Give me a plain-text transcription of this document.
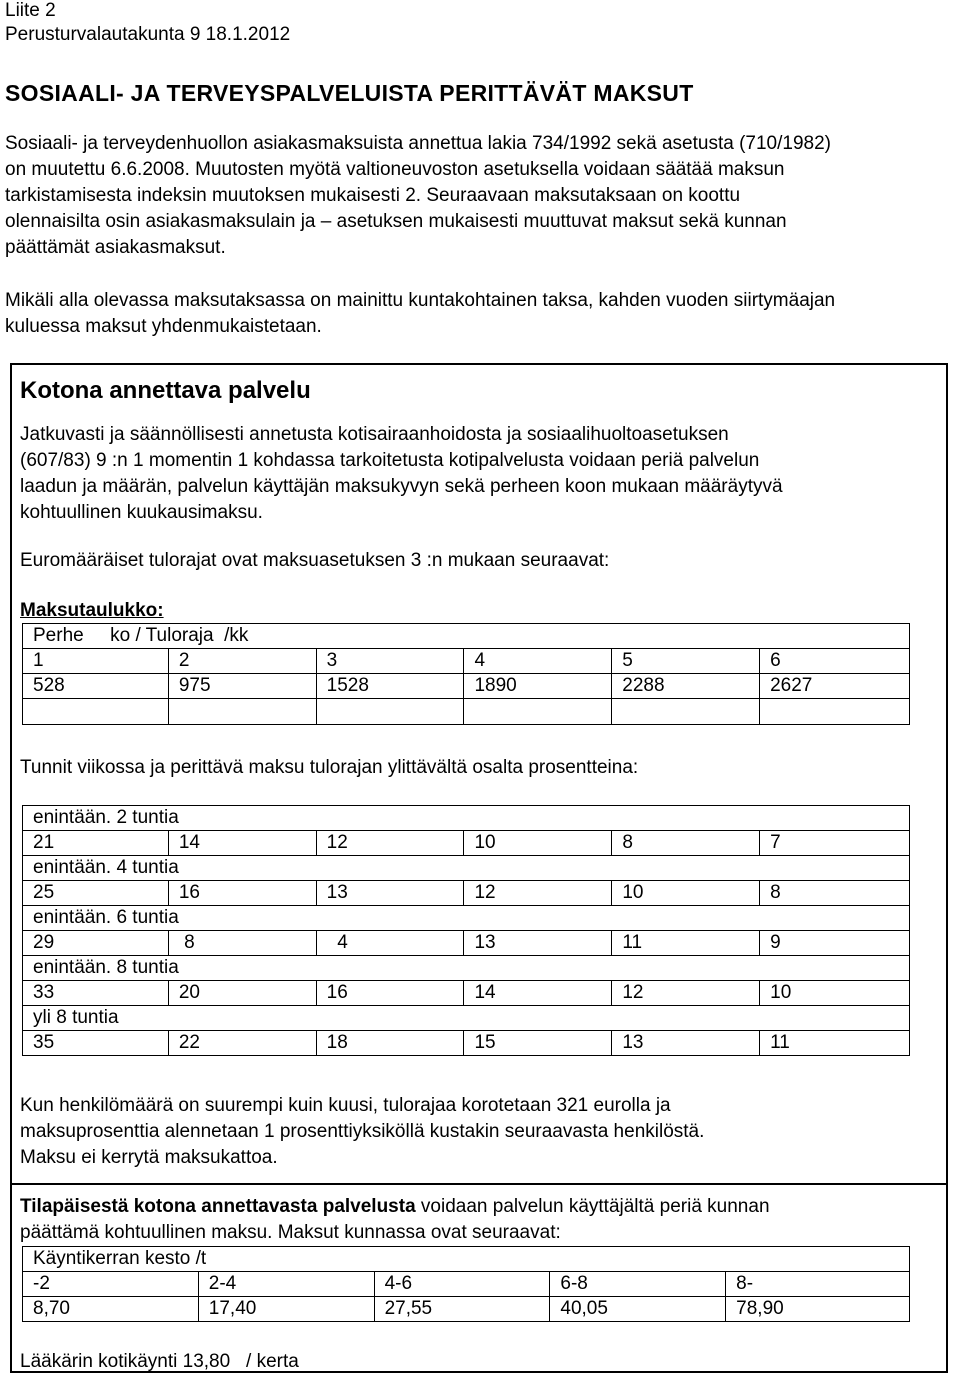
Liite 2
Perusturvalautakunta 9 18.1.2012
SOSIAALI- JA TERVEYSPALVELUISTA PERITTÄVÄT MAKSUT
Sosiaali- ja terveydenhuollon asiakasmaksuista annettua lakia 734/1992 sekä asetusta (710/1982)
on muutettu 6.6.2008. Muutosten myötä valtioneuvoston asetuksella voidaan säätää maksun
tarkistamisesta indeksin muutoksen mukaisesti 2. Seuraavaan maksutaksaan on koottu
olennaisilta osin asiakasmaksulain ja – asetuksen mukaisesti muuttuvat maksut sekä kunnan
päättämät asiakasmaksut.
Mikäli alla olevassa maksutaksassa on mainittu kuntakohtainen taksa, kahden vuoden siirtymäajan
kuluessa maksut yhdenmukaistetaan.
Kotona annettava palvelu
Jatkuvasti ja säännöllisesti annetusta kotisairaanhoidosta ja sosiaalihuoltoasetuksen
(607/83) 9 :n 1 momentin 1 kohdassa tarkoitetusta kotipalvelusta voidaan periä palvelun
laadun ja määrän, palvelun käyttäjän maksukyvyn sekä perheen koon mukaan määräytyvä
kohtuullinen kuukausimaksu.
Euromääräiset tulorajat ovat maksuasetuksen 3 :n mukaan seuraavat:
Maksutaulukko:
Perhe     ko / Tuloraja  /kk					
1	2	3	4	5	6
528	975	1528	1890	2288	2627

Tunnit viikossa ja perittävä maksu tulorajan ylittävältä osalta prosentteina:
enintään. 2 tuntia					
21	14	12	10	8	7
enintään. 4 tuntia					
25	16	13	12	10	8
enintään. 6 tuntia					
29	8	4	13	11	9
enintään. 8 tuntia					
33	20	16	14	12	10
yli 8 tuntia					
35	22	18	15	13	11
Kun henkilömäärä on suurempi kuin kuusi, tulorajaa korotetaan 321 eurolla ja
maksuprosenttia alennetaan 1 prosenttiyksiköllä kustakin seuraavasta henkilöstä.
Maksu ei kerrytä maksukattoa.
Tilapäisestä kotona annettavasta palvelusta voidaan palvelun käyttäjältä periä kunnan
päättämä kohtuullinen maksu. Maksut kunnassa ovat seuraavat:
Käyntikerran kesto /t				
-2	2-4	4-6	6-8	8-
8,70	17,40	27,55	40,05	78,90
Lääkärin kotikäynti 13,80   / kerta
